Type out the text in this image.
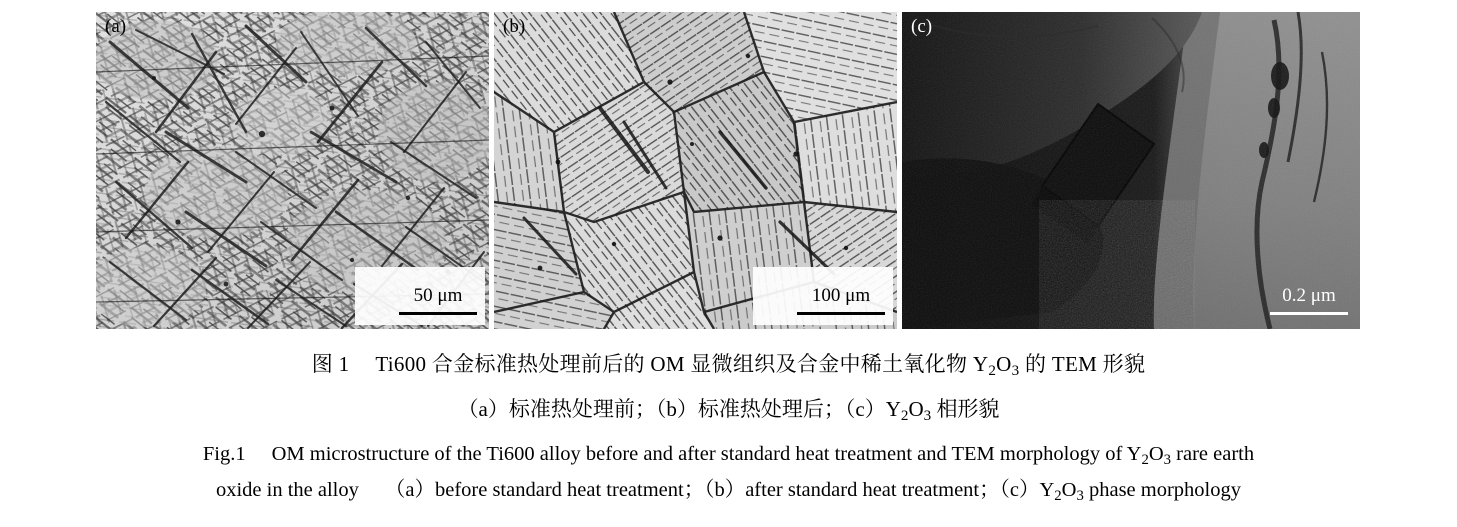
(a)
50 μm
(b)
100 μm
(c)
0.2 μm
图 1 Ti600 合金标准热处理前后的 OM 显微组织及合金中稀土氧化物 $Y_2O_3$ 的 TEM 形貌
（a）标准热处理前；（b）标准热处理后；$(c)Y_2O_3$ 相形貌
Fig.1 OM microstructure of the Ti600 alloy before and after standard heat treatment and TEM morphology of $Y_2O_3$ rare earth
oxide in the alloy （a）before standard heat treatment；（b）after standard heat treatment；$(c)Y_2O_3$ phase morphology
